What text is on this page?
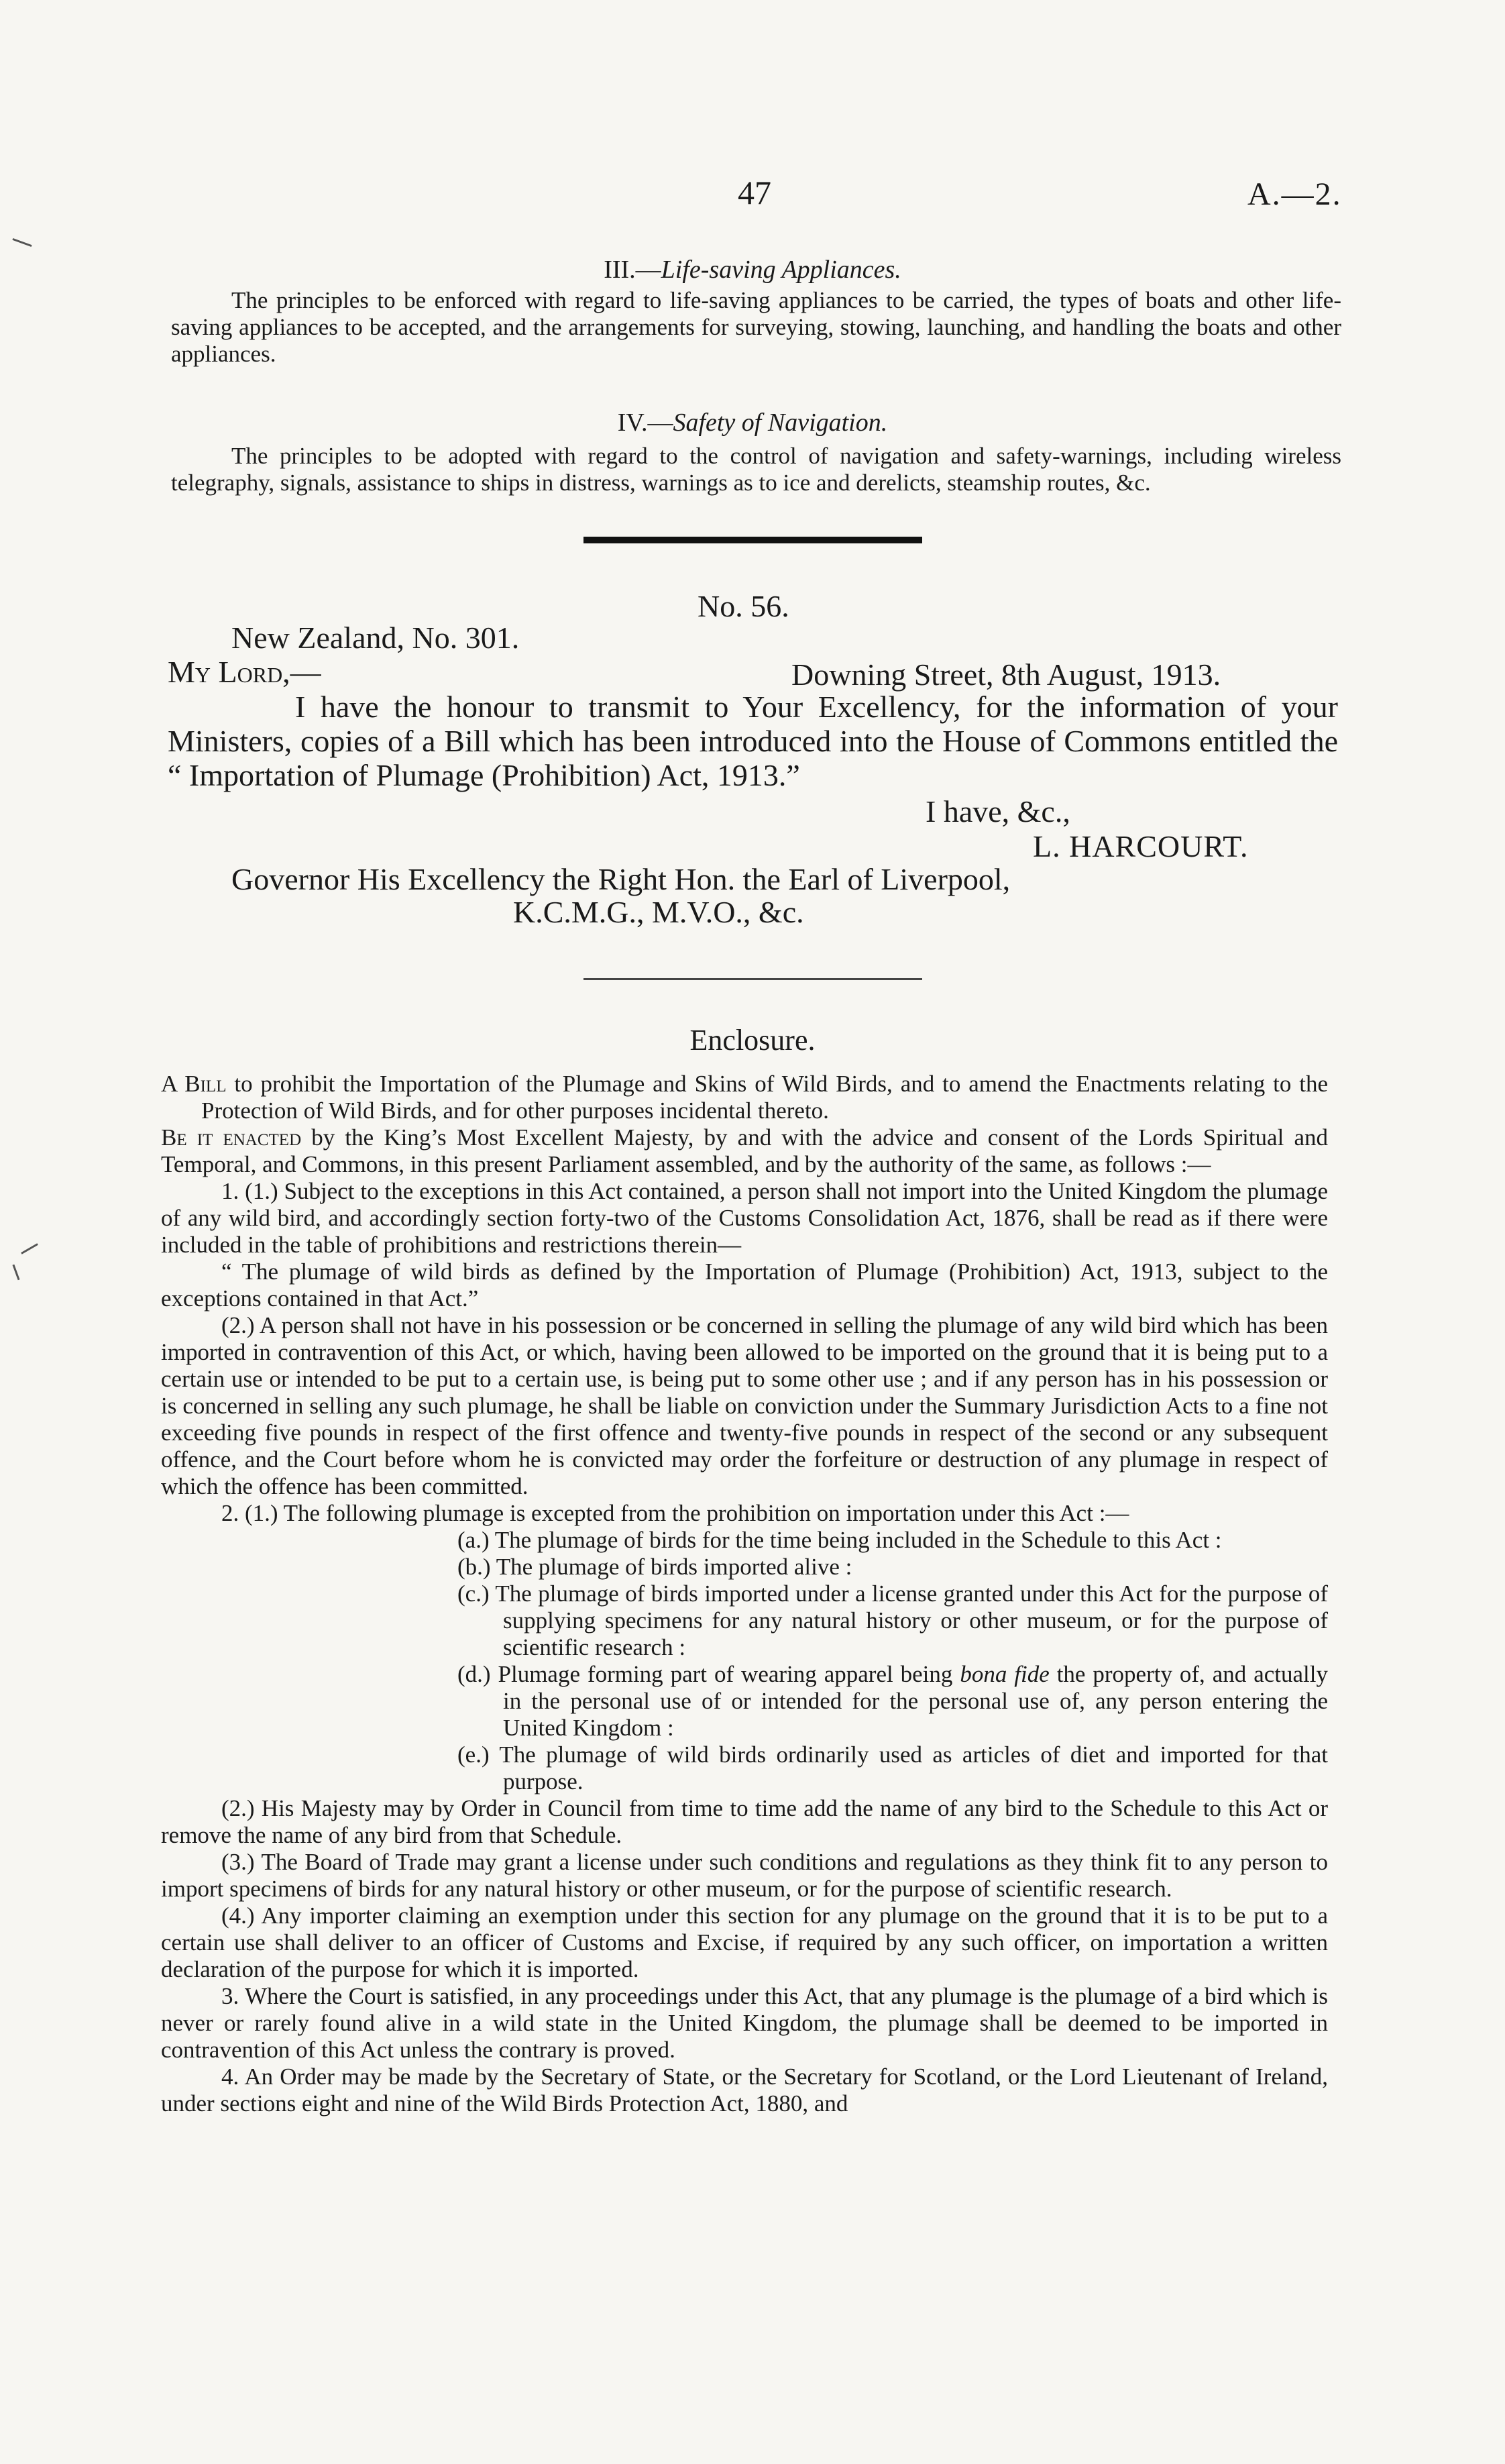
47	A.—2.
III.—Life-saving Appliances.

The principles to be enforced with regard to life-saving appliances to be carried, the types of boats and other life-saving appliances to be accepted, and the arrangements for surveying, stowing, launching, and handling the boats and other appliances.

IV.—Safety of Navigation.

The principles to be adopted with regard to the control of navigation and safety-warnings, including wireless telegraphy, signals, assistance to ships in distress, warnings as to ice and derelicts, steamship routes, &c.

No. 56.
New Zealand, No. 301.
My Lord,—	Downing Street, 8th August, 1913.

I have the honour to transmit to Your Excellency, for the information of your Ministers, copies of a Bill which has been introduced into the House of Commons entitled the “ Importation of Plumage (Prohibition) Act, 1913.”

I have, &c.,
L. HARCOURT.
Governor His Excellency the Right Hon. the Earl of Liverpool,
K.C.M.G., M.V.O., &c.
Enclosure.

A Bill to prohibit the Importation of the Plumage and Skins of Wild Birds, and to amend the Enactments relating to the Protection of Wild Birds, and for other purposes incidental thereto.

Be it enacted by the King’s Most Excellent Majesty, by and with the advice and consent of the Lords Spiritual and Temporal, and Commons, in this present Parliament assembled, and by the authority of the same, as follows :—

1. (1.) Subject to the exceptions in this Act contained, a person shall not import into the United Kingdom the plumage of any wild bird, and accordingly section forty-two of the Customs Consolidation Act, 1876, shall be read as if there were included in the table of prohibitions and restrictions therein—

“ The plumage of wild birds as defined by the Importation of Plumage (Prohibition) Act, 1913, subject to the exceptions contained in that Act.”

(2.) A person shall not have in his possession or be concerned in selling the plumage of any wild bird which has been imported in contravention of this Act, or which, having been allowed to be imported on the ground that it is being put to a certain use or intended to be put to a certain use, is being put to some other use ; and if any person has in his possession or is concerned in selling any such plumage, he shall be liable on conviction under the Summary Jurisdiction Acts to a fine not exceeding five pounds in respect of the first offence and twenty-five pounds in respect of the second or any subsequent offence, and the Court before whom he is convicted may order the forfeiture or destruction of any plumage in respect of which the offence has been committed.

2. (1.) The following plumage is excepted from the prohibition on importation under this Act :—

(a.) The plumage of birds for the time being included in the Schedule to this Act :

(b.) The plumage of birds imported alive :

(c.) The plumage of birds imported under a license granted under this Act for the purpose of supplying specimens for any natural history or other museum, or for the purpose of scientific research :

(d.) Plumage forming part of wearing apparel being bona fide the property of, and actually in the personal use of or intended for the personal use of, any person entering the United Kingdom :

(e.) The plumage of wild birds ordinarily used as articles of diet and imported for that purpose.

(2.) His Majesty may by Order in Council from time to time add the name of any bird to the Schedule to this Act or remove the name of any bird from that Schedule.

(3.) The Board of Trade may grant a license under such conditions and regulations as they think fit to any person to import specimens of birds for any natural history or other museum, or for the purpose of scientific research.

(4.) Any importer claiming an exemption under this section for any plumage on the ground that it is to be put to a certain use shall deliver to an officer of Customs and Excise, if required by any such officer, on importation a written declaration of the purpose for which it is imported.

3. Where the Court is satisfied, in any proceedings under this Act, that any plumage is the plumage of a bird which is never or rarely found alive in a wild state in the United Kingdom, the plumage shall be deemed to be imported in contravention of this Act unless the contrary is proved.

4. An Order may be made by the Secretary of State, or the Secretary for Scotland, or the Lord Lieutenant of Ireland, under sections eight and nine of the Wild Birds Protection Act, 1880, and
